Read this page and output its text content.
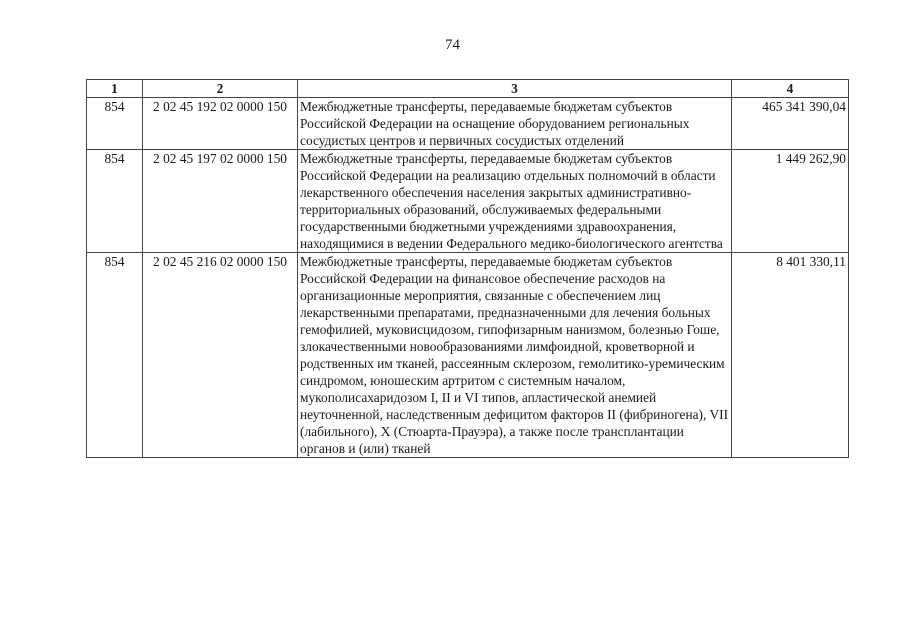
74
1	2	3	4
854	2 02 45 192 02 0000 150	Межбюджетные трансферты, передаваемые бюджетам субъектов Российской Федерации на оснащение оборудованием региональных сосудистых центров и первичных сосудистых отделений	465 341 390,04
854	2 02 45 197 02 0000 150	Межбюджетные трансферты, передаваемые бюджетам субъектов Российской Федерации на реализацию отдельных полномочий в области лекарственного обеспечения населения закрытых административно-территориальных образований, обслуживаемых федеральными государственными бюджетными учреждениями здравоохранения, находящимися в ведении Федерального медико-биологического агентства	1 449 262,90
854	2 02 45 216 02 0000 150	Межбюджетные трансферты, передаваемые бюджетам субъектов Российской Федерации на финансовое обеспечение расходов на организационные мероприятия, связанные с обеспечением лиц лекарственными препаратами, предназначенными для лечения больных гемофилией, муковисцидозом, гипофизарным нанизмом, болезнью Гоше, злокачественными новообразованиями лимфоидной, кроветворной и родственных им тканей, рассеянным склерозом, гемолитико-уремическим синдромом, юношеским артритом с системным началом, мукополисахаридозом I, II и VI типов, апластической анемией неуточненной, наследственным дефицитом факторов II (фибриногена), VII (лабильного), X (Стюарта-Прауэра), а также после трансплантации органов и (или) тканей	8 401 330,11
